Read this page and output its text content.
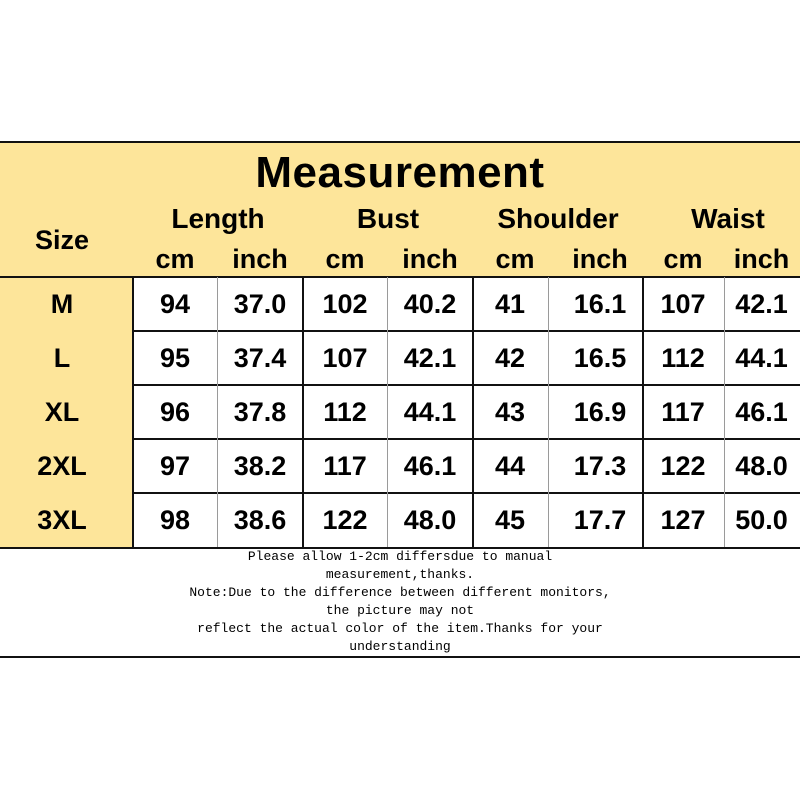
Measurement
Size
Length	Bust	Shoulder	Waist
cm	inch	cm	inch	cm	inch	cm	inch
M	94	37.0	102	40.2	41	16.1	107	42.1
L	95	37.4	107	42.1	42	16.5	112	44.1
XL	96	37.8	112	44.1	43	16.9	117	46.1
2XL	97	38.2	117	46.1	44	17.3	122	48.0
3XL	98	38.6	122	48.0	45	17.7	127	50.0
Please allow 1-2cm differsdue to manual
measurement,thanks.
Note:Due to the difference between different monitors,
the picture may not
reflect the actual color of the item.Thanks for your
understanding
